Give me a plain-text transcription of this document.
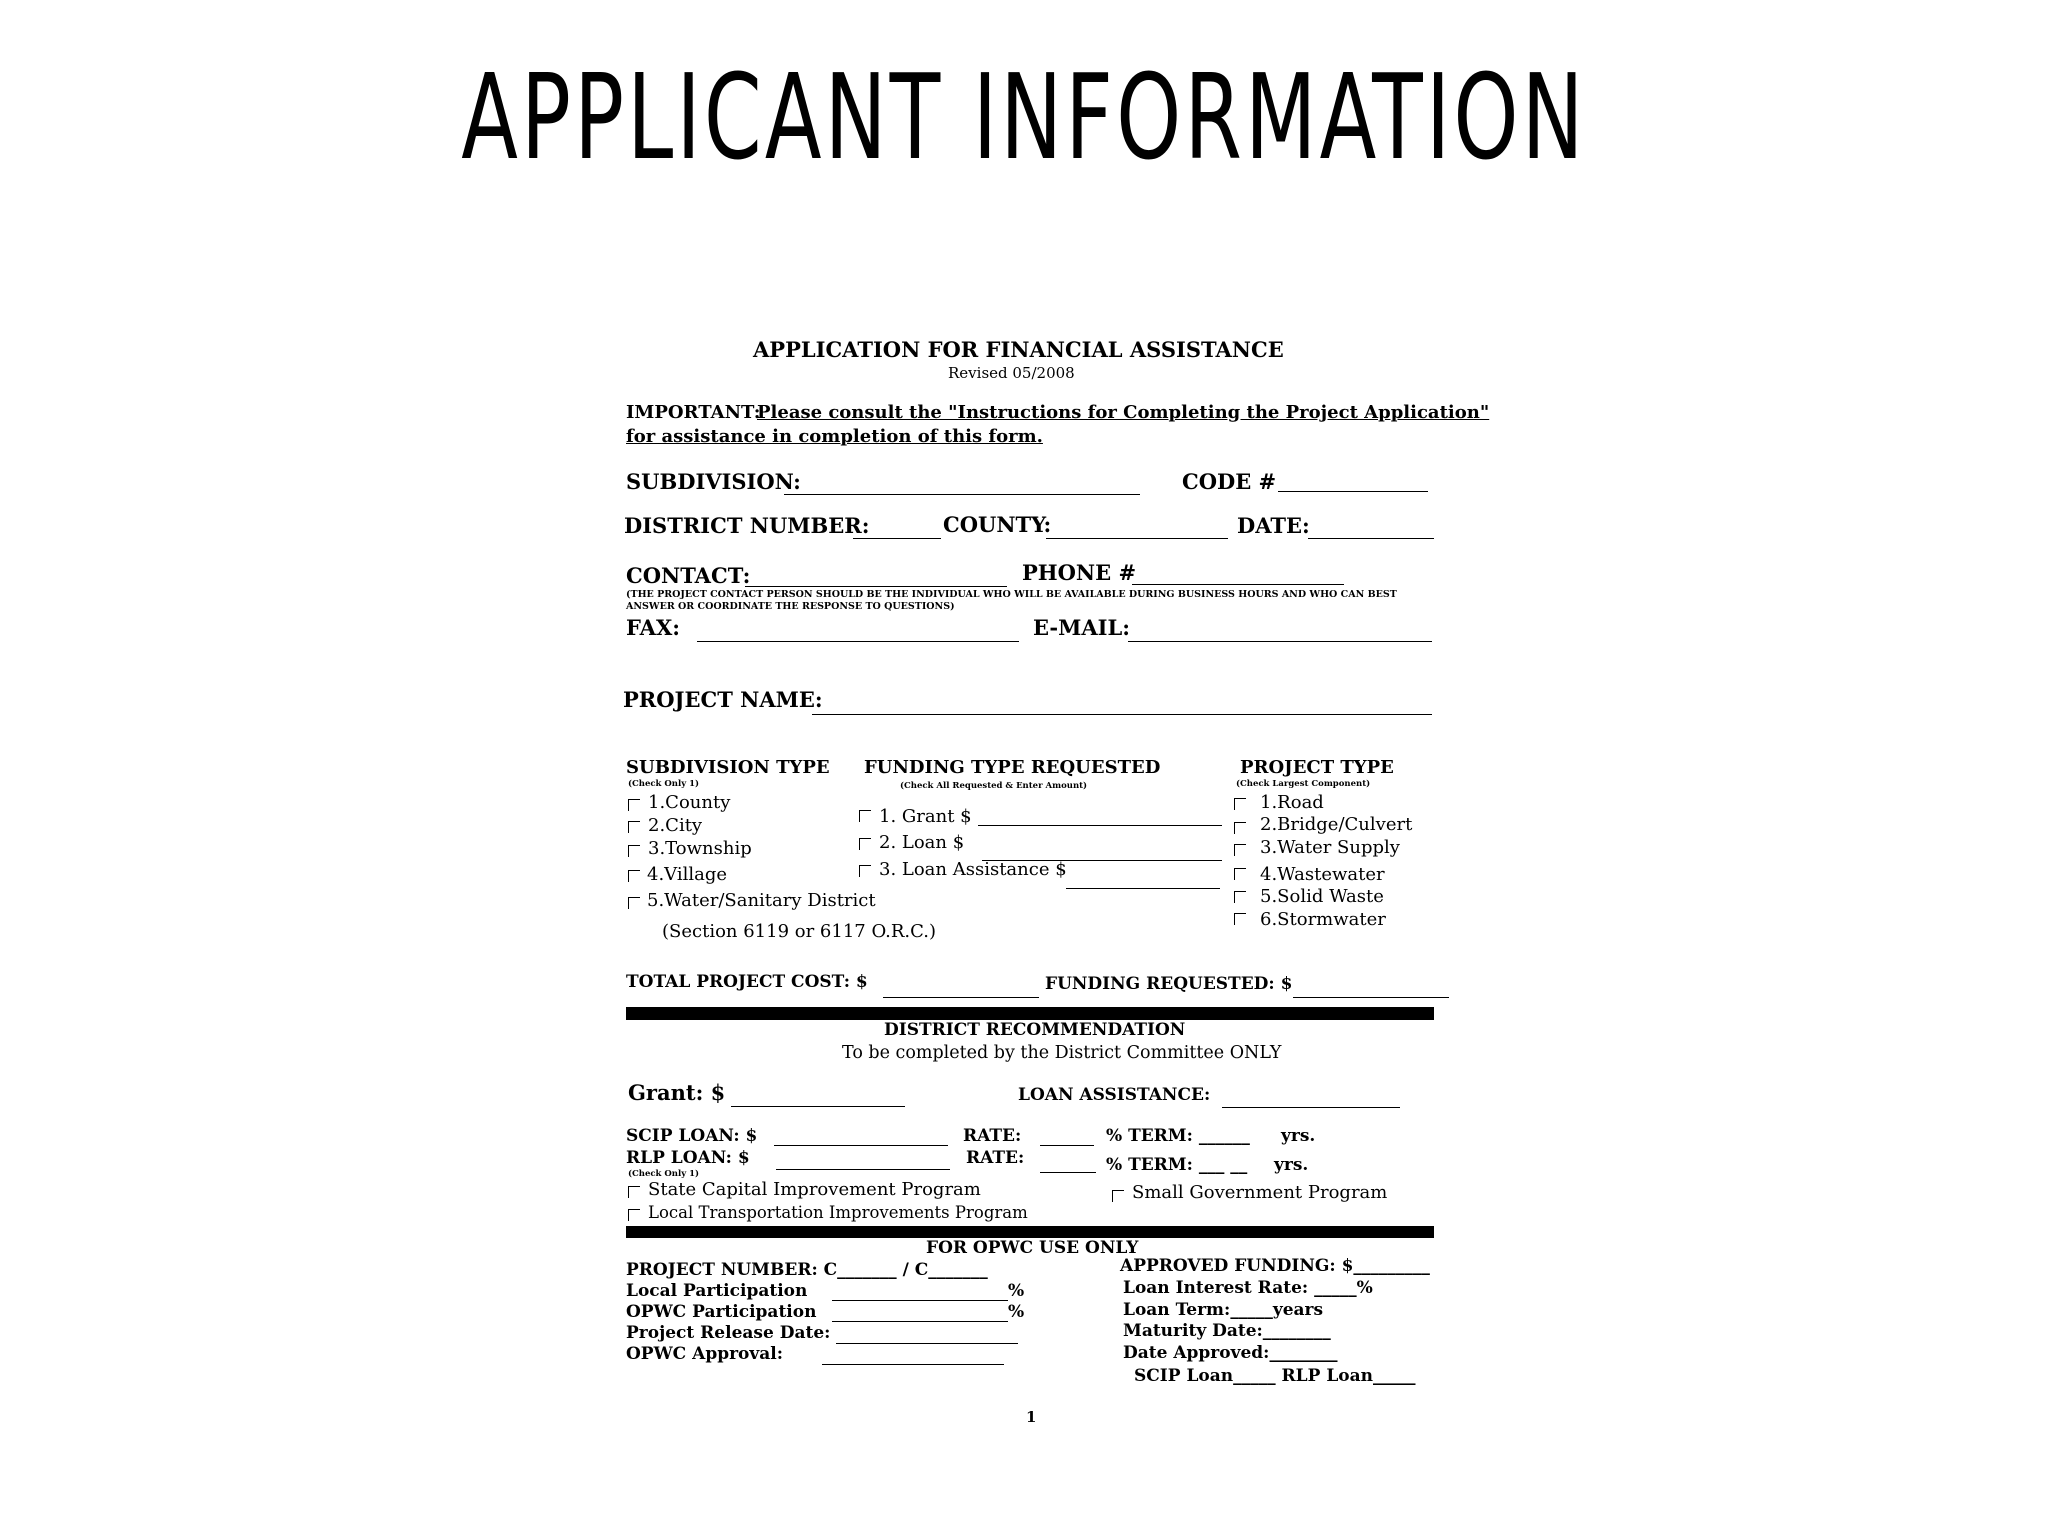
APPLICANT INFORMATION
APPLICATION FOR FINANCIAL ASSISTANCE
Revised 05/2008
IMPORTANT:
Please consult the "Instructions for Completing the Project Application"
for assistance in completion of this form.
SUBDIVISION:	CODE #
DISTRICT NUMBER:	COUNTY:	DATE:
CONTACT:	PHONE #
(THE PROJECT CONTACT PERSON SHOULD BE THE INDIVIDUAL WHO WILL BE AVAILABLE DURING BUSINESS HOURS AND WHO CAN BEST
ANSWER OR COORDINATE THE RESPONSE TO QUESTIONS)
FAX:	E-MAIL:
PROJECT NAME:
SUBDIVISION TYPE
(Check Only 1)
1.County
2.City
3.Township
4.Village
5.Water/Sanitary District
(Section 6119 or 6117 O.R.C.)
FUNDING TYPE REQUESTED
(Check All Requested & Enter Amount)
1. Grant $
2. Loan $
3. Loan Assistance $
PROJECT TYPE
(Check Largest Component)
1.Road
2.Bridge/Culvert
3.Water Supply
4.Wastewater
5.Solid Waste
6.Stormwater
TOTAL PROJECT COST: $	FUNDING REQUESTED: $
DISTRICT RECOMMENDATION
To be completed by the District Committee ONLY
Grant: $	LOAN ASSISTANCE:
SCIP LOAN: $	RATE:	% TERM: ______ yrs.
RLP LOAN: $	RATE:	% TERM: ___ __ yrs.
(Check Only 1)
State Capital Improvement Program
Local Transportation Improvements Program
Small Government Program
FOR OPWC USE ONLY
PROJECT NUMBER: C_______ / C_______
Local Participation	%
OPWC Participation	%
Project Release Date:
OPWC Approval:
APPROVED FUNDING: $_________
Loan Interest Rate: _____%
Loan Term:_____years
Maturity Date:________
Date Approved:________
SCIP Loan_____ RLP Loan_____
1
